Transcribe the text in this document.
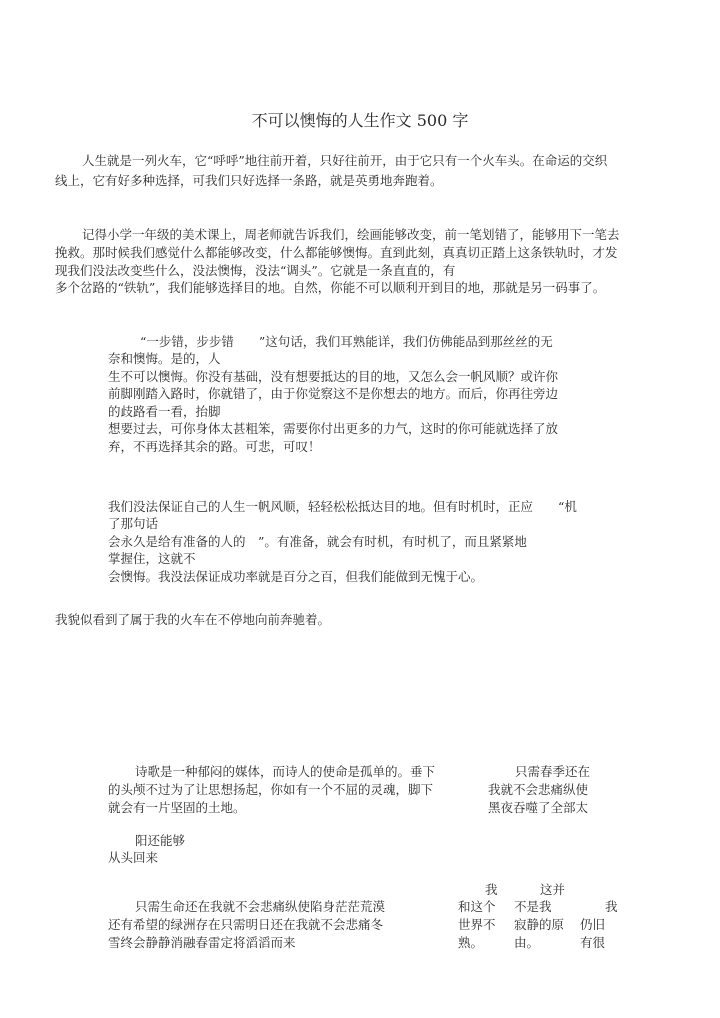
不可以懊悔的人生作文 500 字
人生就是一列火车，它“呼呼”地往前开着，只好往前开，由于它只有一个火车头。在命运的交织
线上，它有好多种选择，可我们只好选择一条路，就是英勇地奔跑着。
记得小学一年级的美术课上，周老师就告诉我们，绘画能够改变，前一笔划错了，能够用下一笔去
挽救。那时候我们感觉什么都能够改变，什么都能够懊悔。直到此刻，真真切正踏上这条铁轨时，才发
现我们没法改变些什么，没法懊悔，没法“调头”。它就是一条直直的，有
多个岔路的“铁轨”，我们能够选择目的地。自然，你能不可以顺利开到目的地，那就是另一码事了。
“一步错，步步错　　”这句话，我们耳熟能详，我们仿佛能品到那丝丝的无
奈和懊悔。是的，人
生不可以懊悔。你没有基础，没有想要抵达的目的地，又怎么会一帆风顺？或许你
前脚刚踏入路时，你就错了，由于你觉察这不是你想去的地方。而后，你再往旁边
的歧路看一看，抬脚
想要过去，可你身体太甚粗笨，需要你付出更多的力气，这时的你可能就选择了放
弃，不再选择其余的路。可悲，可叹！
我们没法保证自己的人生一帆风顺，轻轻松松抵达目的地。但有时机时，正应　　“机
了那句话
会永久是给有准备的人的　”。有准备，就会有时机，有时机了，而且紧紧地
掌握住，这就不
会懊悔。我没法保证成功率就是百分之百，但我们能做到无愧于心。
我貌似看到了属于我的火车在不停地向前奔驰着。
诗歌是一种郁闷的媒体，而诗人的使命是孤单的。垂下
的头颅不过为了让思想扬起，你如有一个不屈的灵魂，脚下
就会有一片坚固的土地。
只需春季还在
我就不会悲痛纵使
黑夜吞噬了全部太
阳还能够
从头回来
只需生命还在我就不会悲痛纵使陷身茫茫荒漠
还有希望的绿洲存在只需明日还在我就不会悲痛冬
雪终会静静消融春雷定将滔滔而来
我
和这个
世界不
熟。
这并
不是我
寂静的原
由。
我
仍旧
有很
